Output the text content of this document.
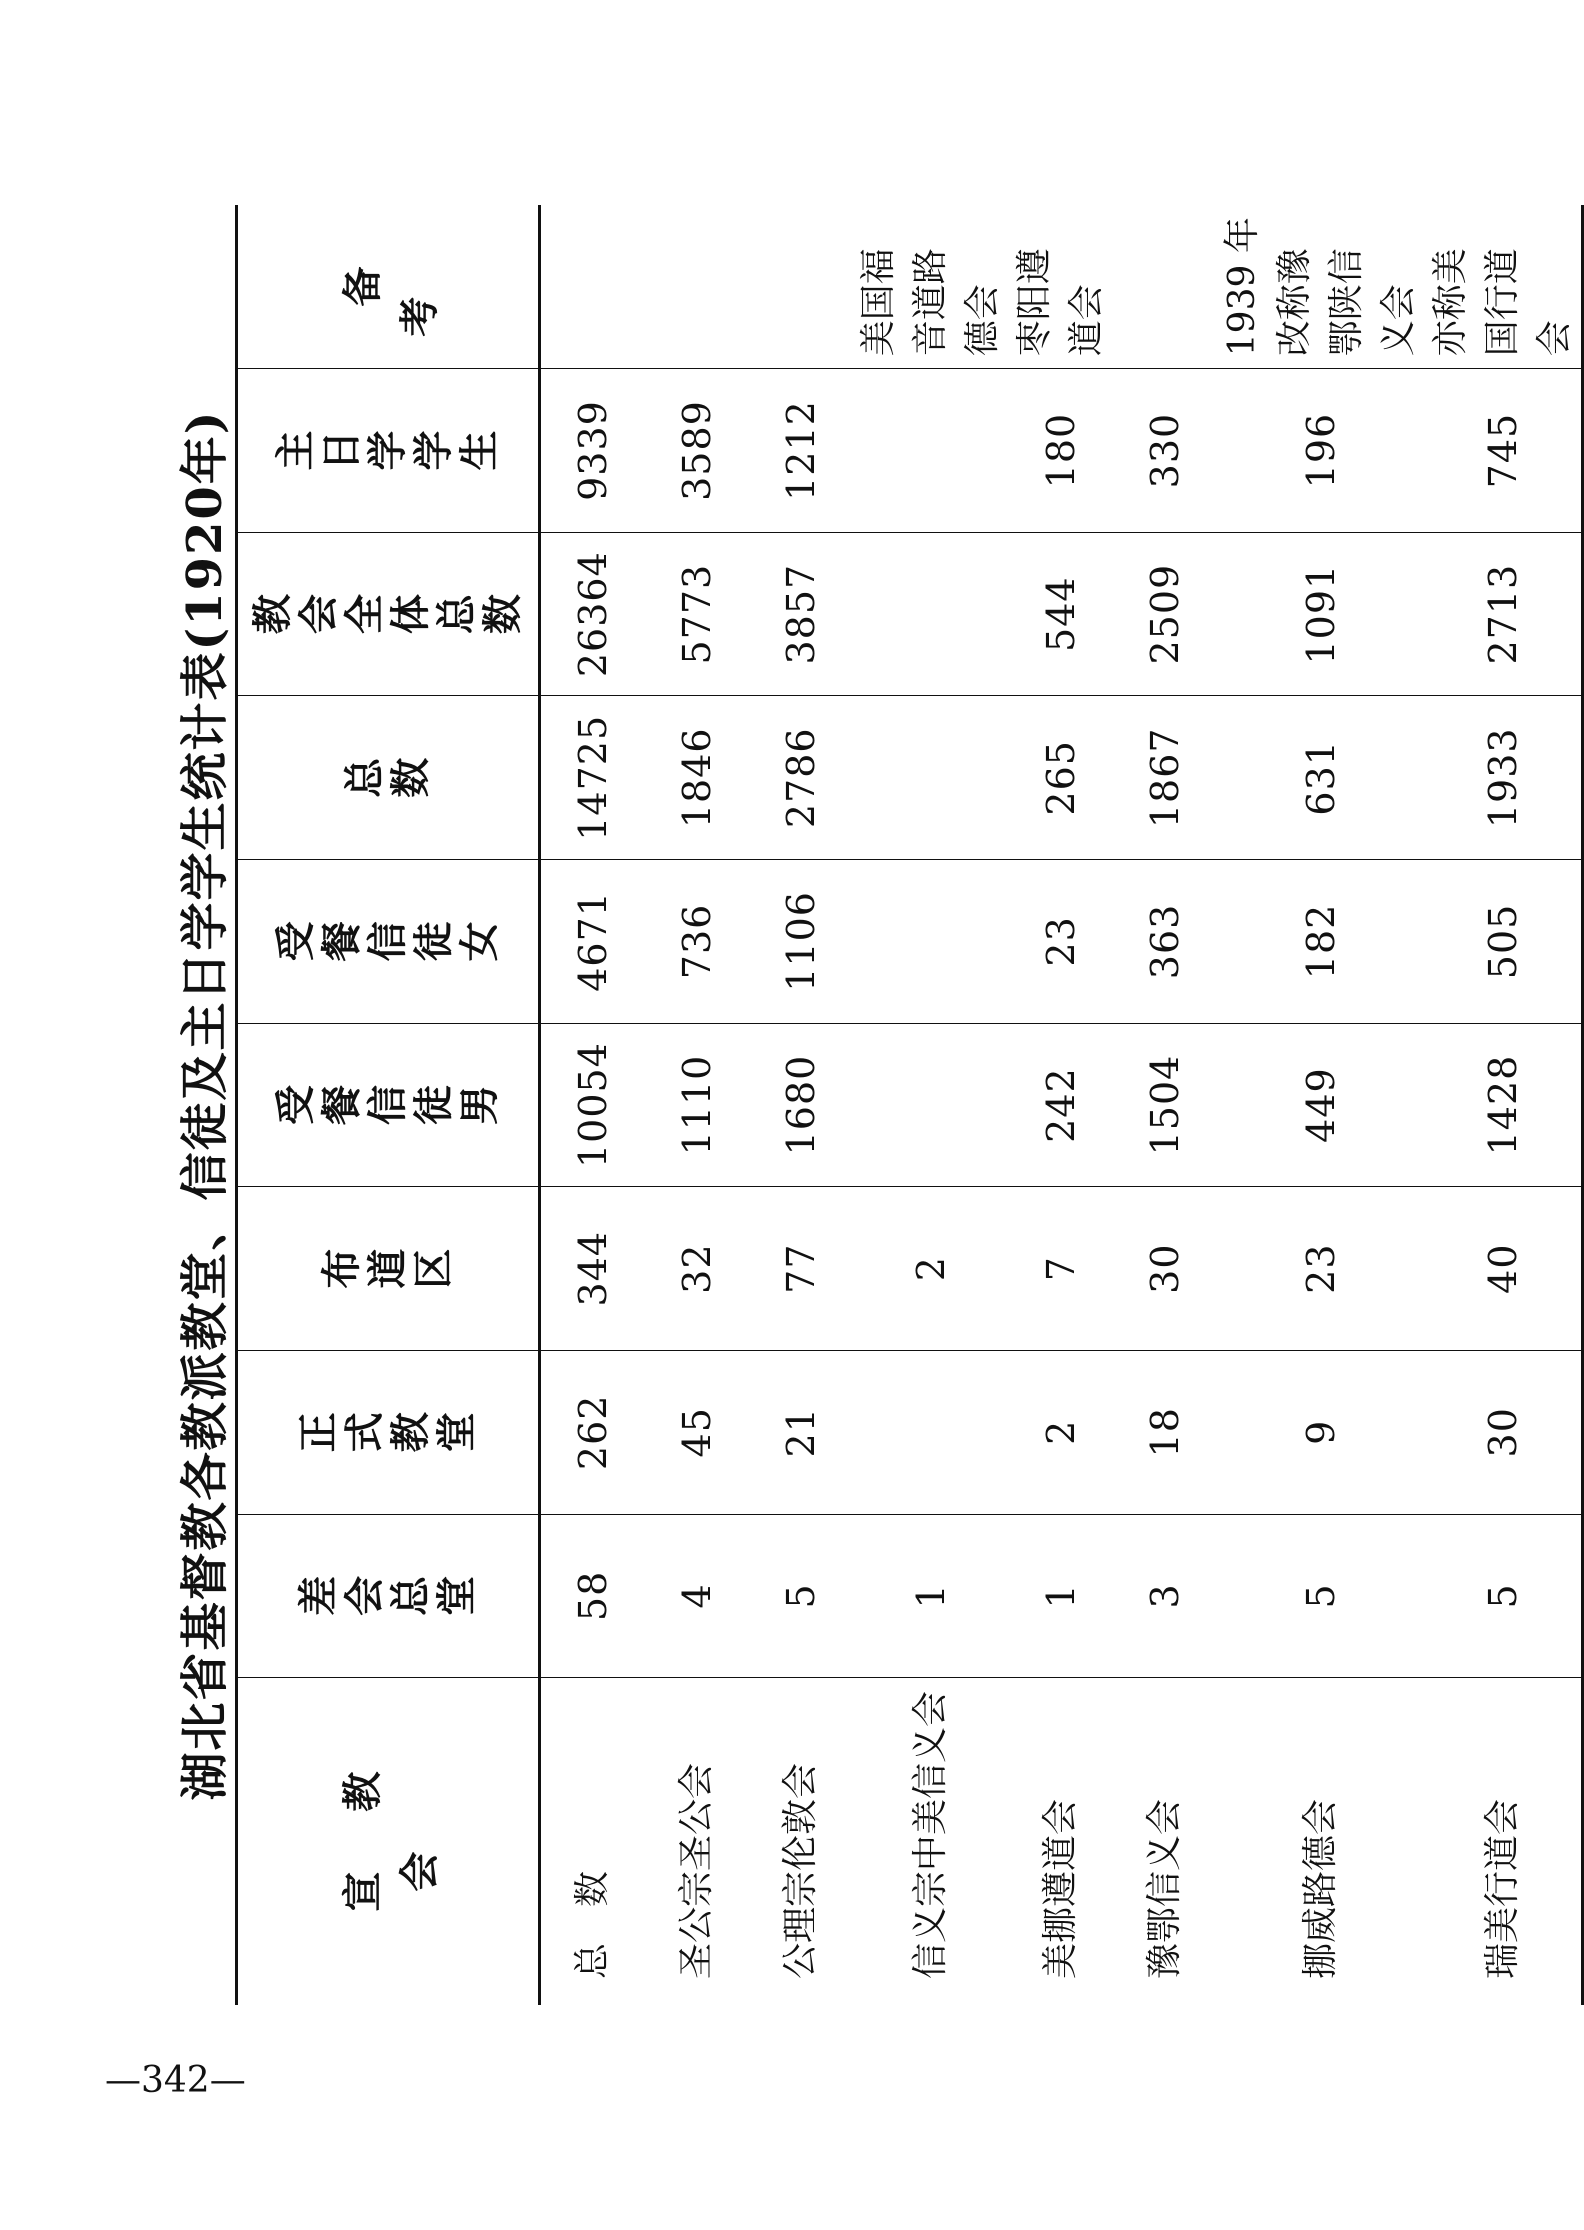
湖北省基督教各教派教堂、信徒及主日学学生统计表(1920年)
宣教会	差会总堂	正式教堂	布道区	受餐信徒男	受餐信徒女	总数	教会全体总数	主日学学生	备考
总　数	58	262	344	10054	4671	14725	26364	9339	
圣公宗圣公会	4	45	32	1110	736	1846	5773	3589	
公理宗伦敦会	5	21	77	1680	1106	2786	3857	1212	
信义宗中美信义会	1		2						美国福音道路德会
美挪遵道会	1	2	7	242	23	265	544	180	枣阳遵道会
豫鄂信义会	3	18	30	1504	363	1867	2509	330	
挪威路德会	5	9	23	449	182	631	1091	196	1939 年改称豫鄂陕信义会
瑞美行道会	5	30	40	1428	505	1933	2713	745	亦称美国行道会
—342—
